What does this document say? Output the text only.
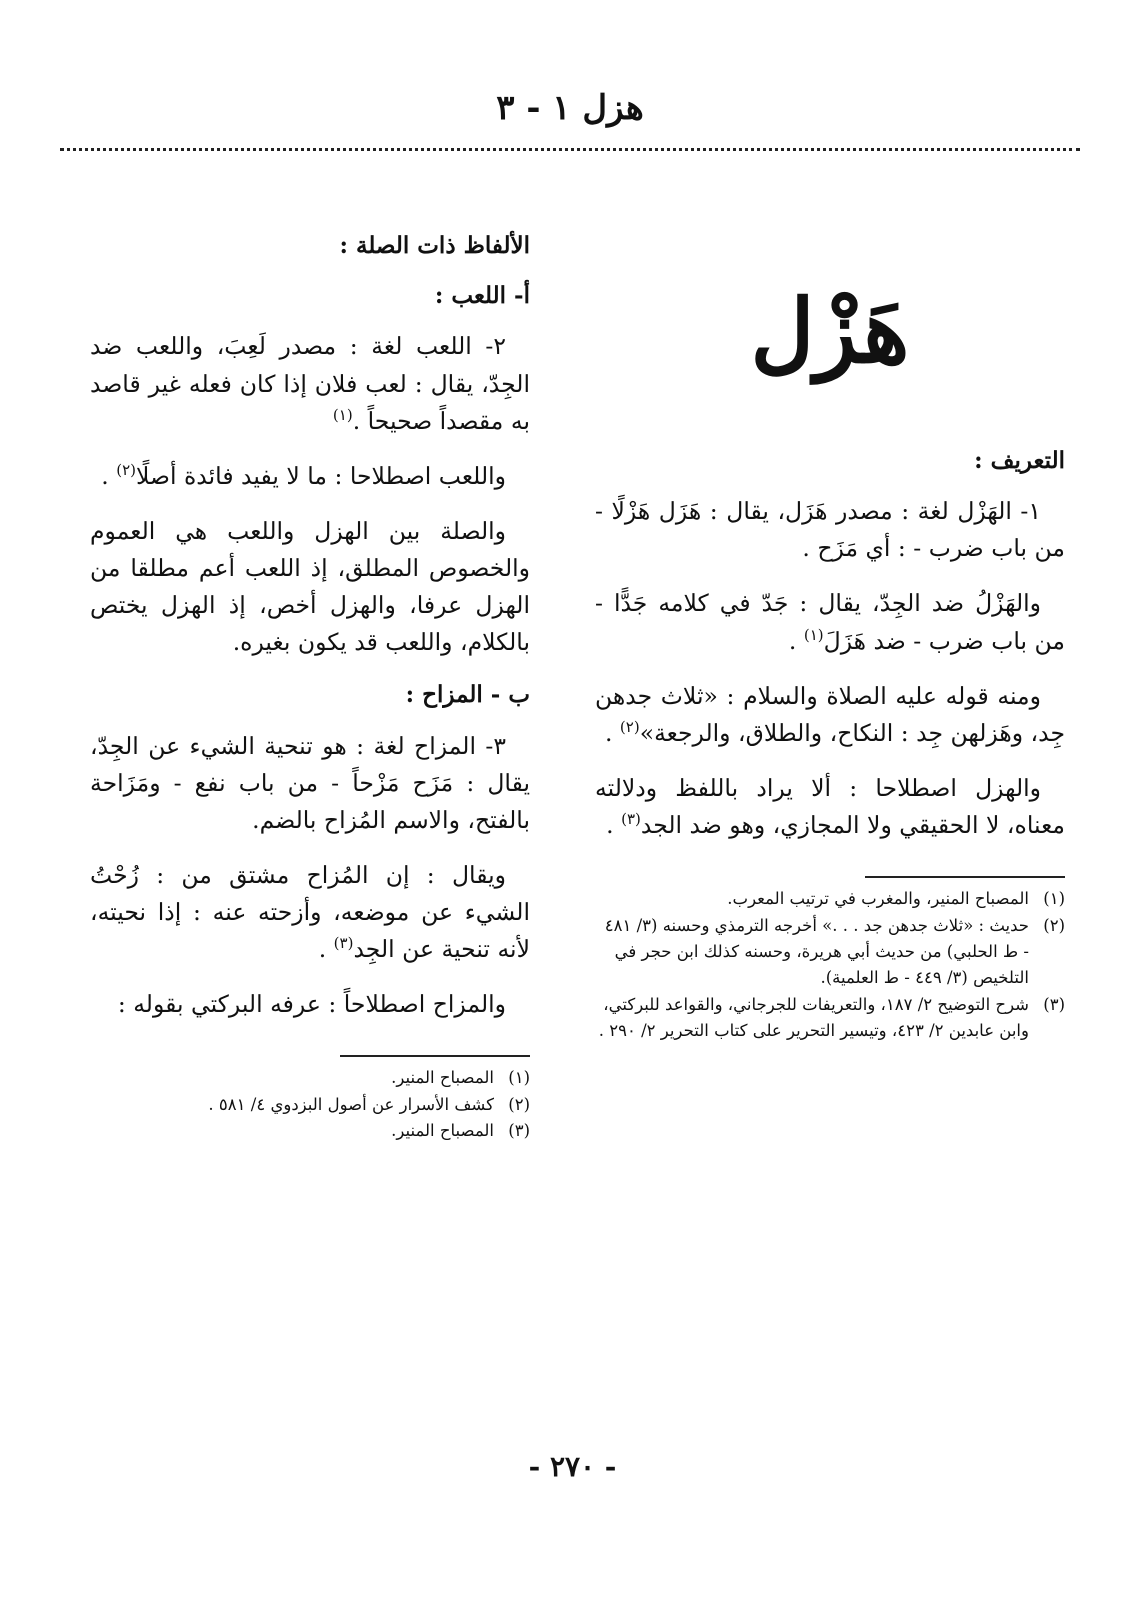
هزل ١ - ٣
هَزْل
التعريف :

١- الهَزْل لغة : مصدر هَزَل، يقال : هَزَل هَزْلًا - من باب ضرب - : أي مَزَح .

والهَزْلُ ضد الجِدّ، يقال : جَدّ في كلامه جَدًّا - من باب ضرب - ضد هَزَلَ$^{(١)}$ .

ومنه قوله عليه الصلاة والسلام : «ثلاث جدهن جِد، وهَزلهن جِد : النكاح، والطلاق، والرجعة»$^{(٢)}$ .

والهزل اصطلاحا : ألا يراد باللفظ ودلالته معناه، لا الحقيقي ولا المجازي، وهو ضد الجد$^{(٣)}$ .

(١)
المصباح المنير، والمغرب في ترتيب المعرب.
(٢)
حديث : «ثلاث جدهن جد . . .» أخرجه الترمذي وحسنه (٣/ ٤٨١ - ط الحلبي) من حديث أبي هريرة، وحسنه كذلك ابن حجر في التلخيص (٣/ ٤٤٩ - ط العلمية).
(٣)
شرح التوضيح ٢/ ١٨٧، والتعريفات للجرجاني، والقواعد للبركتي، وابن عابدين ٢/ ٤٢٣، وتيسير التحرير على كتاب التحرير ٢/ ٢٩٠ .
الألفاظ ذات الصلة :
أ- اللعب :

٢- اللعب لغة : مصدر لَعِبَ، واللعب ضد الجِدّ، يقال : لعب فلان إذا كان فعله غير قاصد به مقصداً صحيحاً .$^{(١)}$

واللعب اصطلاحا : ما لا يفيد فائدة أصلًا$^{(٢)}$ .

والصلة بين الهزل واللعب هي العموم والخصوص المطلق، إذ اللعب أعم مطلقا من الهزل عرفا، والهزل أخص، إذ الهزل يختص بالكلام، واللعب قد يكون بغيره.

ب - المزاح :

٣- المزاح لغة : هو تنحية الشيء عن الجِدّ، يقال : مَزَح مَزْحاً - من باب نفع - ومَزَاحة بالفتح، والاسم المُزاح بالضم.

ويقال : إن المُزاح مشتق من : زُحْتُ الشيء عن موضعه، وأزحته عنه : إذا نحيته، لأنه تنحية عن الجِد$^{(٣)}$ .

والمزاح اصطلاحاً : عرفه البركتي بقوله :

(١)
المصباح المنير.
(٢)
كشف الأسرار عن أصول البزدوي ٤/ ٥٨١ .
(٣)
المصباح المنير.
- ٢٧٠ -
